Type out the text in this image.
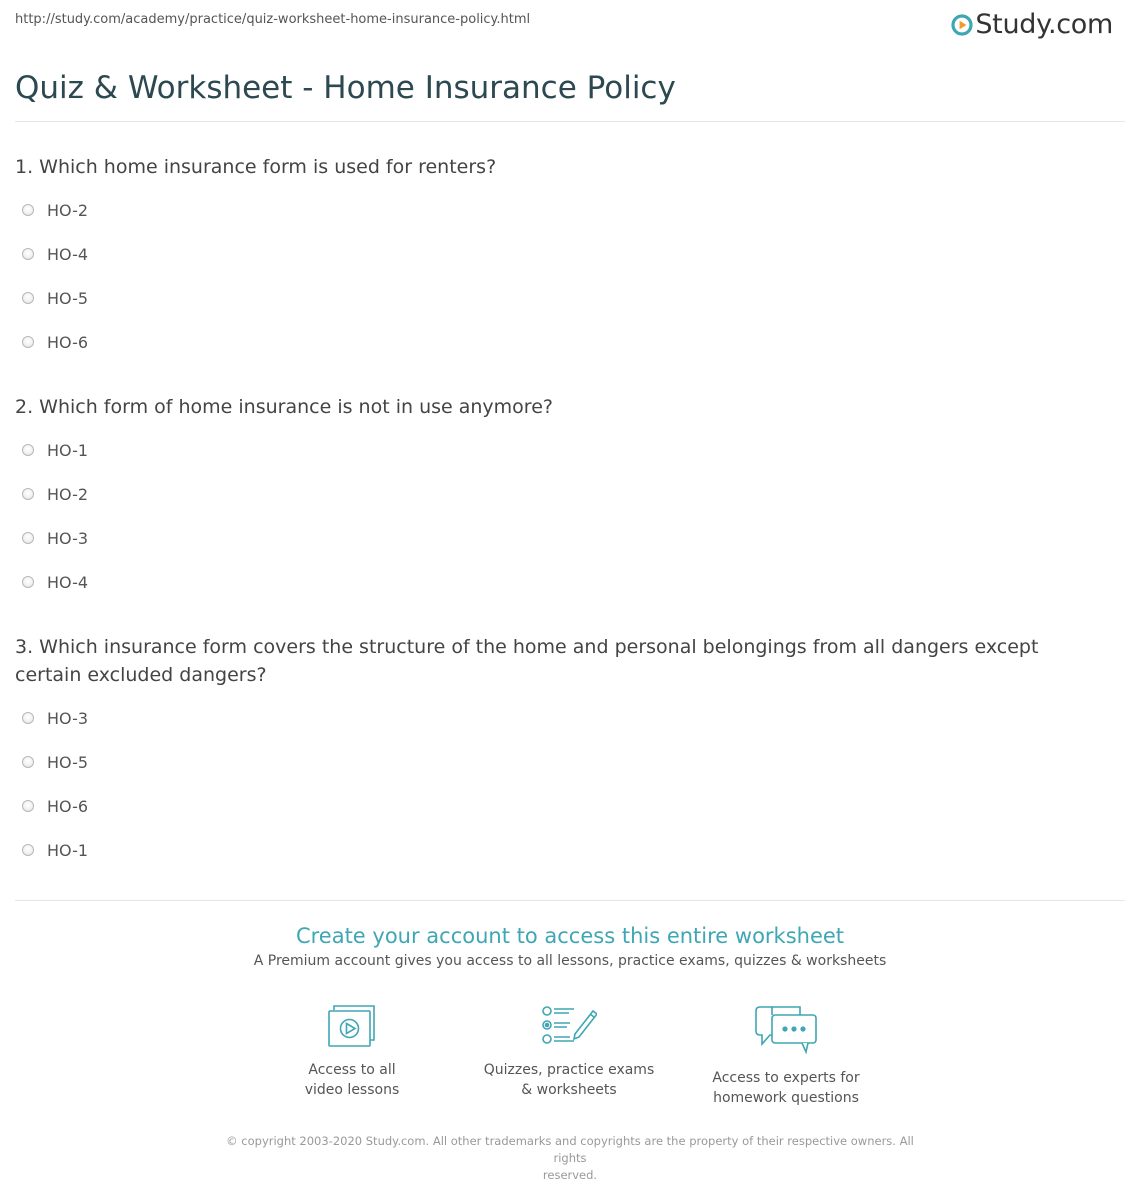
http://study.com/academy/practice/quiz-worksheet-home-insurance-policy.html	Study.com
Quiz & Worksheet - Home Insurance Policy
1. Which home insurance form is used for renters?
HO-2
HO-4
HO-5
HO-6
2. Which form of home insurance is not in use anymore?
HO-1
HO-2
HO-3
HO-4
3. Which insurance form covers the structure of the home and personal belongings from all dangers except certain excluded dangers?
HO-3
HO-5
HO-6
HO-1
Create your account to access this entire worksheet
A Premium account gives you access to all lessons, practice exams, quizzes & worksheets
Access to all
video lessons
Quizzes, practice exams
& worksheets
Access to experts for
homework questions
© copyright 2003-2020 Study.com. All other trademarks and copyrights are the property of their respective owners. All rights
reserved.
